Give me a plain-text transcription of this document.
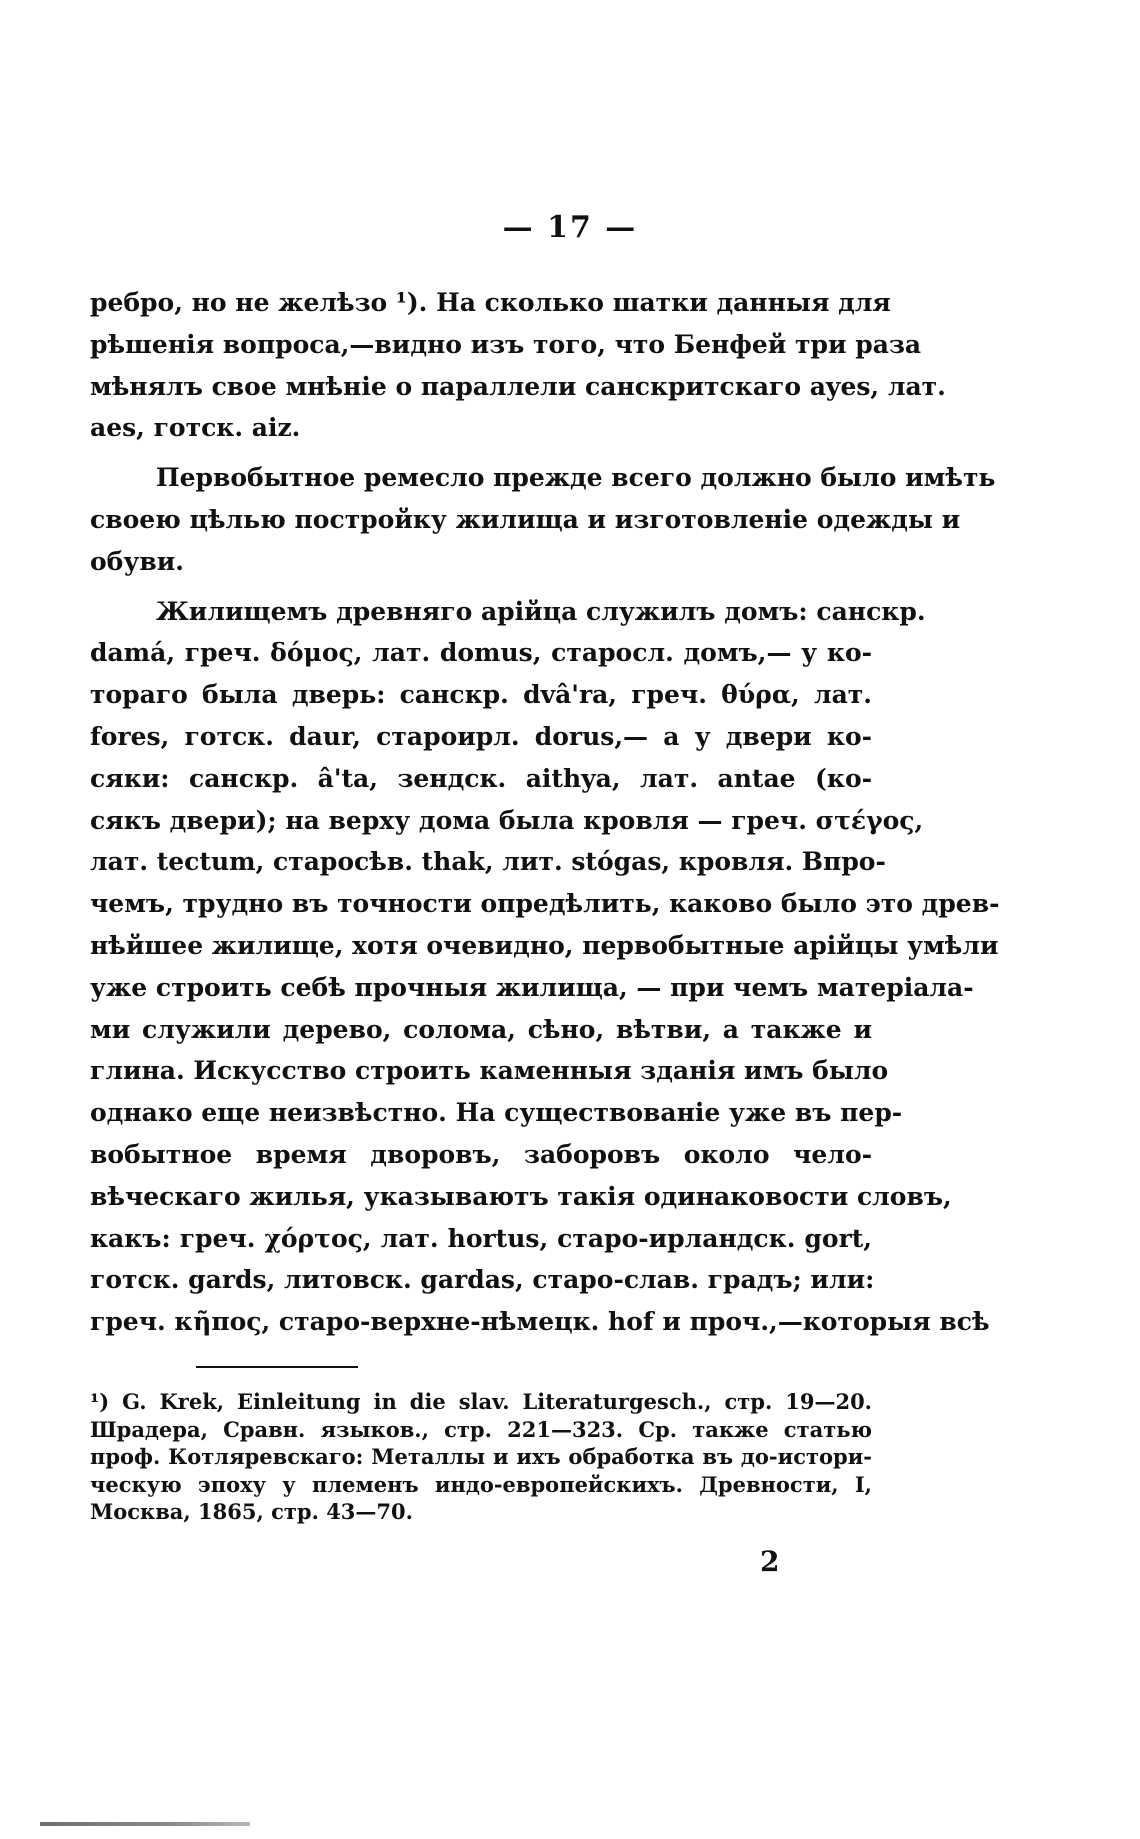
— 17 —
ребро, но не желѣзо ¹). На сколько шатки данныя для
рѣшенія вопроса,—видно изъ того, что Бенфей три раза
мѣнялъ свое мнѣніе о параллели санскритскаго ayes, лат.
aes, готск. aiz.
Первобытное ремесло прежде всего должно было имѣть
своею цѣлью постройку жилища и изготовленіе одежды и
обуви.
Жилищемъ древняго арійца служилъ домъ: санскр.
damá, греч. δόμος, лат. domus, старосл. домъ,— у ко-
тораго была дверь: санскр. dvâ'ra, греч. θύρα, лат.
fores, готск. daur, староирл. dorus,— а у двери ко-
сяки: санскр. â'ta, зендск. aithya, лат. antae (ко-
сякъ двери); на верху дома была кровля — греч. στέγος,
лат. tectum, старосѣв. thak, лит. stógas, кровля. Впро-
чемъ, трудно въ точности опредѣлить, каково было это древ-
нѣйшее жилище, хотя очевидно, первобытные арійцы умѣли
уже строить себѣ прочныя жилища, — при чемъ матеріала-
ми служили дерево, солома, сѣно, вѣтви, а также и
глина. Искусство строить каменныя зданія имъ было
однако еще неизвѣстно. На существованіе уже въ пер-
вобытное время дворовъ, заборовъ около чело-
вѣческаго жилья, указываютъ такія одинаковости словъ,
какъ: греч. χόρτος, лат. hortus, старо-ирландск. gort,
готск. gards, литовск. gardas, старо-слав. градъ; или:
греч. κῆπος, старо-верхне-нѣмецк. hof и проч.,—которыя всѣ
¹) G. Krek, Einleitung in die slav. Literaturgesch., стр. 19—20.
Шрадера, Сравн. языков., стр. 221—323. Ср. также статью
проф. Котляревскаго: Металлы и ихъ обработка въ до-истори-
ческую эпоху у племенъ индо-европейскихъ. Древности, I,
Москва, 1865, стр. 43—70.
2
